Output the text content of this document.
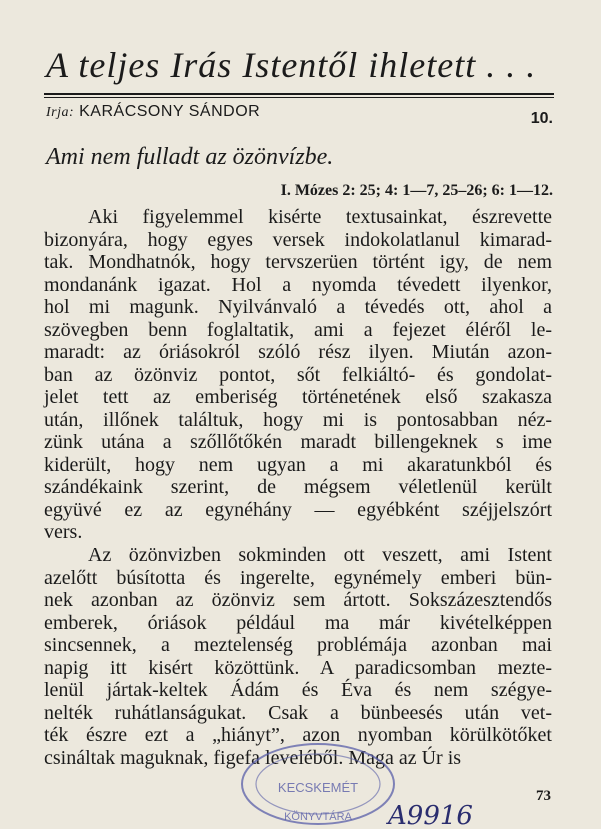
A teljes Irás Istentől ihletett . . .
Irja: KARÁCSONY SÁNDOR	10.
Ami nem fulladt az özönvízbe.
I. Mózes 2: 25; 4: 1—7, 25–26; 6: 1—12.
Aki figyelemmel kisérte textusainkat, észrevette
bizonyára, hogy egyes versek indokolatlanul kimarad-
tak. Mondhatnók, hogy tervszerüen történt igy, de nem
mondanánk igazat. Hol a nyomda tévedett ilyenkor,
hol mi magunk. Nyilvánvaló a tévedés ott, ahol a
szövegben benn foglaltatik, ami a fejezet éléről le-
maradt: az óriásokról szóló rész ilyen. Miután azon-
ban az özönviz pontot, sőt felkiáltó- és gondolat-
jelet tett az emberiség történetének első szakasza
után, illőnek találtuk, hogy mi is pontosabban néz-
zünk utána a szőllőtőkén maradt billengeknek s ime
kiderült, hogy nem ugyan a mi akaratunkból és
szándékaink szerint, de mégsem véletlenül került
együvé ez az egynéhány — egyébként széjjelszórt
vers.
Az özönvizben sokminden ott veszett, ami Istent
azelőtt búsította és ingerelte, egynémely emberi bün-
nek azonban az özönviz sem ártott. Sokszázesztendős
emberek, óriások például ma már kivételképpen
sincsennek, a meztelenség problémája azonban mai
napig itt kisért közöttünk. A paradicsomban mezte-
lenül jártak-keltek Ádám és Éva és nem szégye-
nelték ruhátlanságukat. Csak a bünbeesés után vet-
ték észre ezt a „hiányt”, azon nyomban körülkötőket
csináltak maguknak, figefa leveléből. Maga az Úr is
73
KECSKEMÉT
KÖNYVTÁRA A9916
